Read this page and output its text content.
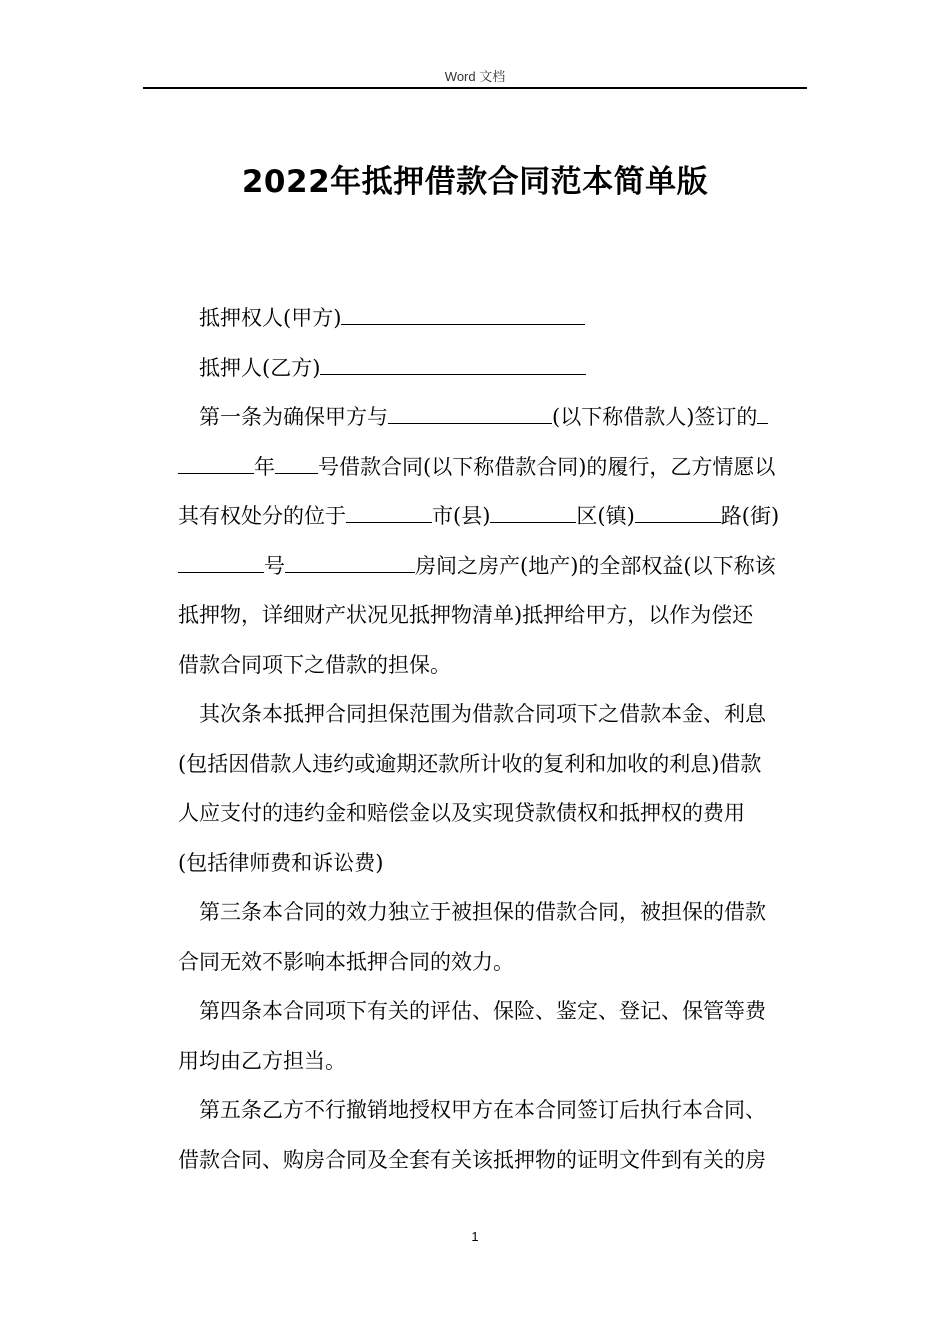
Word 文档
2022年抵押借款合同范本简单版

抵押权人(甲方)

抵押人(乙方)

第一条为确保甲方与	(以下称借款人)签订的

年 号借款合同(以下称借款合同)的履行，乙方情愿以

其有权处分的位于	市(县)	区(镇)	路(街)

号	房间之房产(地产)的全部权益(以下称该

抵押物，详细财产状况见抵押物清单)抵押给甲方，以作为偿还

借款合同项下之借款的担保。

其次条本抵押合同担保范围为借款合同项下之借款本金、利息

(包括因借款人违约或逾期还款所计收的复利和加收的利息)借款

人应支付的违约金和赔偿金以及实现贷款债权和抵押权的费用

(包括律师费和诉讼费)

第三条本合同的效力独立于被担保的借款合同，被担保的借款

合同无效不影响本抵押合同的效力。

第四条本合同项下有关的评估、保险、鉴定、登记、保管等费

用均由乙方担当。

第五条乙方不行撤销地授权甲方在本合同签订后执行本合同、

借款合同、购房合同及全套有关该抵押物的证明文件到有关的房

1
